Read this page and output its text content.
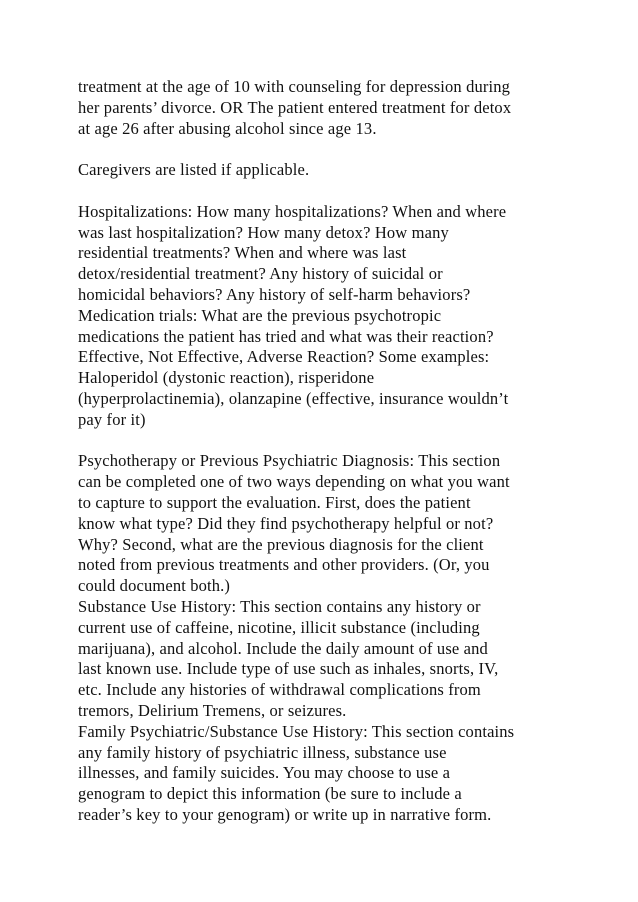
treatment at the age of 10 with counseling for depression during
her parents’ divorce. OR The patient entered treatment for detox
at age 26 after abusing alcohol since age 13.
Caregivers are listed if applicable.
Hospitalizations: How many hospitalizations? When and where
was last hospitalization? How many detox? How many
residential treatments? When and where was last
detox/residential treatment? Any history of suicidal or
homicidal behaviors? Any history of self-harm behaviors?
Medication trials: What are the previous psychotropic
medications the patient has tried and what was their reaction?
Effective, Not Effective, Adverse Reaction? Some examples:
Haloperidol (dystonic reaction), risperidone
(hyperprolactinemia), olanzapine (effective, insurance wouldn’t
pay for it)
Psychotherapy or Previous Psychiatric Diagnosis: This section
can be completed one of two ways depending on what you want
to capture to support the evaluation. First, does the patient
know what type? Did they find psychotherapy helpful or not?
Why? Second, what are the previous diagnosis for the client
noted from previous treatments and other providers. (Or, you
could document both.)
Substance Use History: This section contains any history or
current use of caffeine, nicotine, illicit substance (including
marijuana), and alcohol. Include the daily amount of use and
last known use. Include type of use such as inhales, snorts, IV,
etc. Include any histories of withdrawal complications from
tremors, Delirium Tremens, or seizures.
Family Psychiatric/Substance Use History: This section contains
any family history of psychiatric illness, substance use
illnesses, and family suicides. You may choose to use a
genogram to depict this information (be sure to include a
reader’s key to your genogram) or write up in narrative form.
